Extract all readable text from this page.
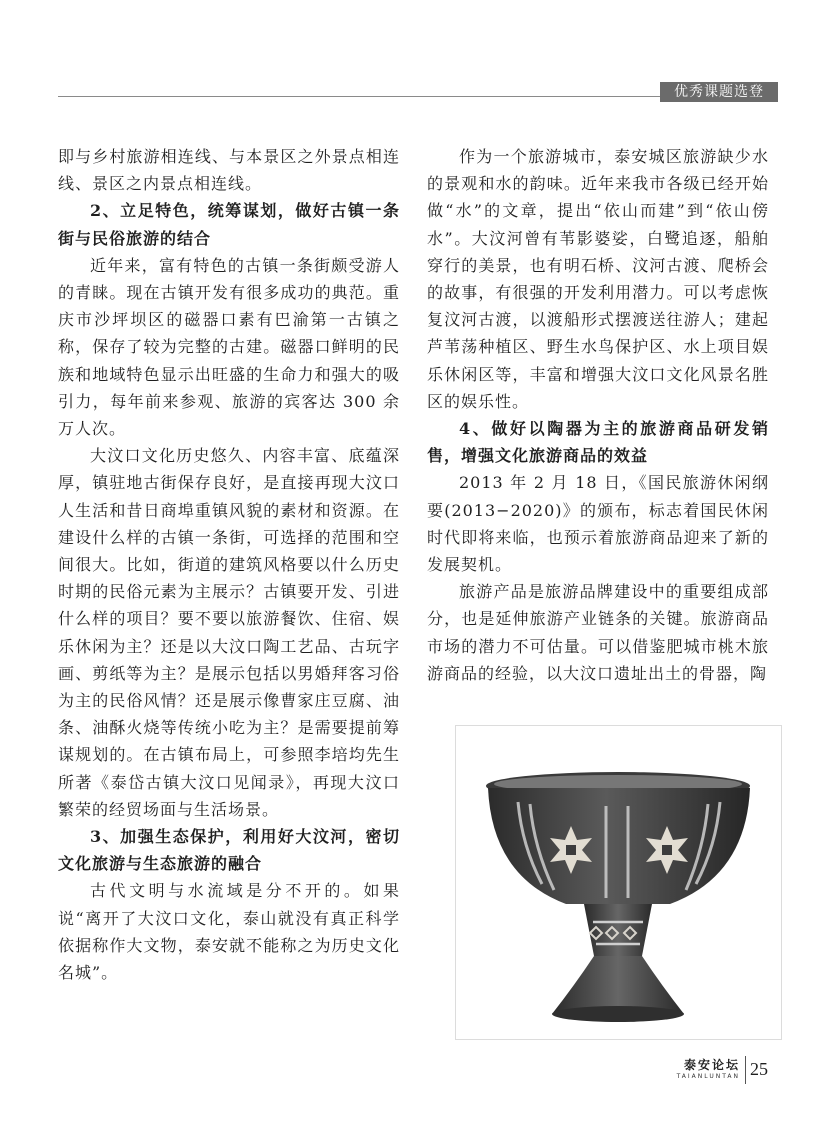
优秀课题选登

即与乡村旅游相连线、与本景区之外景点相连线、景区之内景点相连线。

2、立足特色，统筹谋划，做好古镇一条街与民俗旅游的结合

近年来，富有特色的古镇一条街颇受游人的青睐。现在古镇开发有很多成功的典范。重庆市沙坪坝区的磁器口素有巴渝第一古镇之称，保存了较为完整的古建。磁器口鲜明的民族和地域特色显示出旺盛的生命力和强大的吸引力，每年前来参观、旅游的宾客达 300 余万人次。

大汶口文化历史悠久、内容丰富、底蕴深厚，镇驻地古街保存良好，是直接再现大汶口人生活和昔日商埠重镇风貌的素材和资源。在建设什么样的古镇一条街，可选择的范围和空间很大。比如，街道的建筑风格要以什么历史时期的民俗元素为主展示？古镇要开发、引进什么样的项目？要不要以旅游餐饮、住宿、娱乐休闲为主？还是以大汶口陶工艺品、古玩字画、剪纸等为主？是展示包括以男婚拜客习俗为主的民俗风情？还是展示像曹家庄豆腐、油条、油酥火烧等传统小吃为主？是需要提前筹谋规划的。在古镇布局上，可参照李培均先生所著《泰岱古镇大汶口见闻录》，再现大汶口繁荣的经贸场面与生活场景。

3、加强生态保护，利用好大汶河，密切文化旅游与生态旅游的融合

古代文明与水流域是分不开的。如果说“离开了大汶口文化，泰山就没有真正科学依据称作大文物，泰安就不能称之为历史文化名城”。

作为一个旅游城市，泰安城区旅游缺少水的景观和水的韵味。近年来我市各级已经开始做“水”的文章，提出“依山而建”到“依山傍水”。大汶河曾有苇影婆娑，白鹭追逐，船舶穿行的美景，也有明石桥、汶河古渡、爬桥会的故事，有很强的开发利用潜力。可以考虑恢复汶河古渡，以渡船形式摆渡送往游人；建起芦苇荡种植区、野生水鸟保护区、水上项目娱乐休闲区等，丰富和增强大汶口文化风景名胜区的娱乐性。

4、做好以陶器为主的旅游商品研发销售，增强文化旅游商品的效益

2013 年 2 月 18 日，《国民旅游休闲纲要(2013−2020)》的颁布，标志着国民休闲时代即将来临，也预示着旅游商品迎来了新的发展契机。

旅游产品是旅游品牌建设中的重要组成部分，也是延伸旅游产业链条的关键。旅游商品市场的潜力不可估量。可以借鉴肥城市桃木旅游商品的经验，以大汶口遗址出土的骨器，陶

泰安论坛
TAIANLUNTAN 25
